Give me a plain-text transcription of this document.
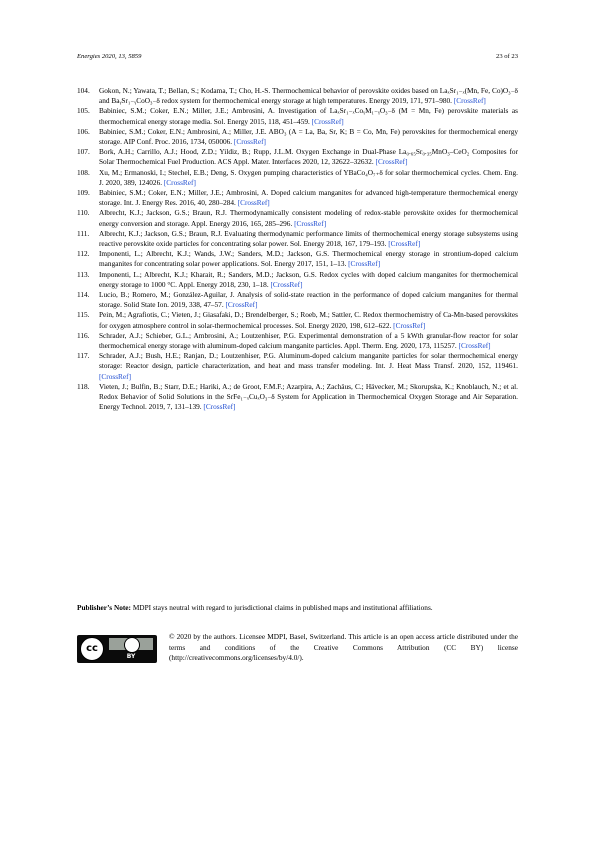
Energies 2020, 13, 5859	23 of 23
104. Gokon, N.; Yawata, T.; Bellan, S.; Kodama, T.; Cho, H.-S. Thermochemical behavior of perovskite oxides based on LaₓSr₁₋ₓ(Mn, Fe, Co)O₃₋δ and BaᵧSr₁₋ᵧCoO₃₋δ redox system for thermochemical energy storage at high temperatures. Energy 2019, 171, 971–980. [CrossRef]
105. Babiniec, S.M.; Coker, E.N.; Miller, J.E.; Ambrosini, A. Investigation of LaₓSr₁₋ₓCoᵧM₁₋ᵧO₃₋δ (M = Mn, Fe) perovskite materials as thermochemical energy storage media. Sol. Energy 2015, 118, 451–459. [CrossRef]
106. Babiniec, S.M.; Coker, E.N.; Ambrosini, A.; Miller, J.E. ABO₃ (A = La, Ba, Sr, K; B = Co, Mn, Fe) perovskites for thermochemical energy storage. AIP Conf. Proc. 2016, 1734, 050006. [CrossRef]
107. Bork, A.H.; Carrillo, A.J.; Hood, Z.D.; Yildiz, B.; Rupp, J.L.M. Oxygen Exchange in Dual-Phase La₀.₆₅Sr₀.₃₅MnO₃–CeO₂ Composites for Solar Thermochemical Fuel Production. ACS Appl. Mater. Interfaces 2020, 12, 32622–32632. [CrossRef]
108. Xu, M.; Ermanoski, I.; Stechel, E.B.; Deng, S. Oxygen pumping characteristics of YBaCo₄O₇₊δ for solar thermochemical cycles. Chem. Eng. J. 2020, 389, 124026. [CrossRef]
109. Babiniec, S.M.; Coker, E.N.; Miller, J.E.; Ambrosini, A. Doped calcium manganites for advanced high-temperature thermochemical energy storage. Int. J. Energy Res. 2016, 40, 280–284. [CrossRef]
110. Albrecht, K.J.; Jackson, G.S.; Braun, R.J. Thermodynamically consistent modeling of redox-stable perovskite oxides for thermochemical energy conversion and storage. Appl. Energy 2016, 165, 285–296. [CrossRef]
111. Albrecht, K.J.; Jackson, G.S.; Braun, R.J. Evaluating thermodynamic performance limits of thermochemical energy storage subsystems using reactive perovskite oxide particles for concentrating solar power. Sol. Energy 2018, 167, 179–193. [CrossRef]
112. Imponenti, L.; Albrecht, K.J.; Wands, J.W.; Sanders, M.D.; Jackson, G.S. Thermochemical energy storage in strontium-doped calcium manganites for concentrating solar power applications. Sol. Energy 2017, 151, 1–13. [CrossRef]
113. Imponenti, L.; Albrecht, K.J.; Kharait, R.; Sanders, M.D.; Jackson, G.S. Redox cycles with doped calcium manganites for thermochemical energy storage to 1000 °C. Appl. Energy 2018, 230, 1–18. [CrossRef]
114. Lucio, B.; Romero, M.; González-Aguilar, J. Analysis of solid-state reaction in the performance of doped calcium manganites for thermal storage. Solid State Ion. 2019, 338, 47–57. [CrossRef]
115. Pein, M.; Agrafiotis, C.; Vieten, J.; Giasafaki, D.; Brendelberger, S.; Roeb, M.; Sattler, C. Redox thermochemistry of Ca-Mn-based perovskites for oxygen atmosphere control in solar-thermochemical processes. Sol. Energy 2020, 198, 612–622. [CrossRef]
116. Schrader, A.J.; Schieber, G.L.; Ambrosini, A.; Loutzenhiser, P.G. Experimental demonstration of a 5 kWth granular-flow reactor for solar thermochemical energy storage with aluminum-doped calcium manganite particles. Appl. Therm. Eng. 2020, 173, 115257. [CrossRef]
117. Schrader, A.J.; Bush, H.E.; Ranjan, D.; Loutzenhiser, P.G. Aluminum-doped calcium manganite particles for solar thermochemical energy storage: Reactor design, particle characterization, and heat and mass transfer modeling. Int. J. Heat Mass Transf. 2020, 152, 119461. [CrossRef]
118. Vieten, J.; Bulfin, B.; Starr, D.E.; Hariki, A.; de Groot, F.M.F.; Azarpira, A.; Zachäus, C.; Hävecker, M.; Skorupska, K.; Knoblauch, N.; et al. Redox Behavior of Solid Solutions in the SrFe₁₋ₓCuₓO₃₋δ System for Application in Thermochemical Oxygen Storage and Air Separation. Energy Technol. 2019, 7, 131–139. [CrossRef]
Publisher’s Note: MDPI stays neutral with regard to jurisdictional claims in published maps and institutional affiliations.
cc
BY
© 2020 by the authors. Licensee MDPI, Basel, Switzerland. This article is an open access article distributed under the terms and conditions of the Creative Commons Attribution (CC BY) license (http://creativecommons.org/licenses/by/4.0/).
